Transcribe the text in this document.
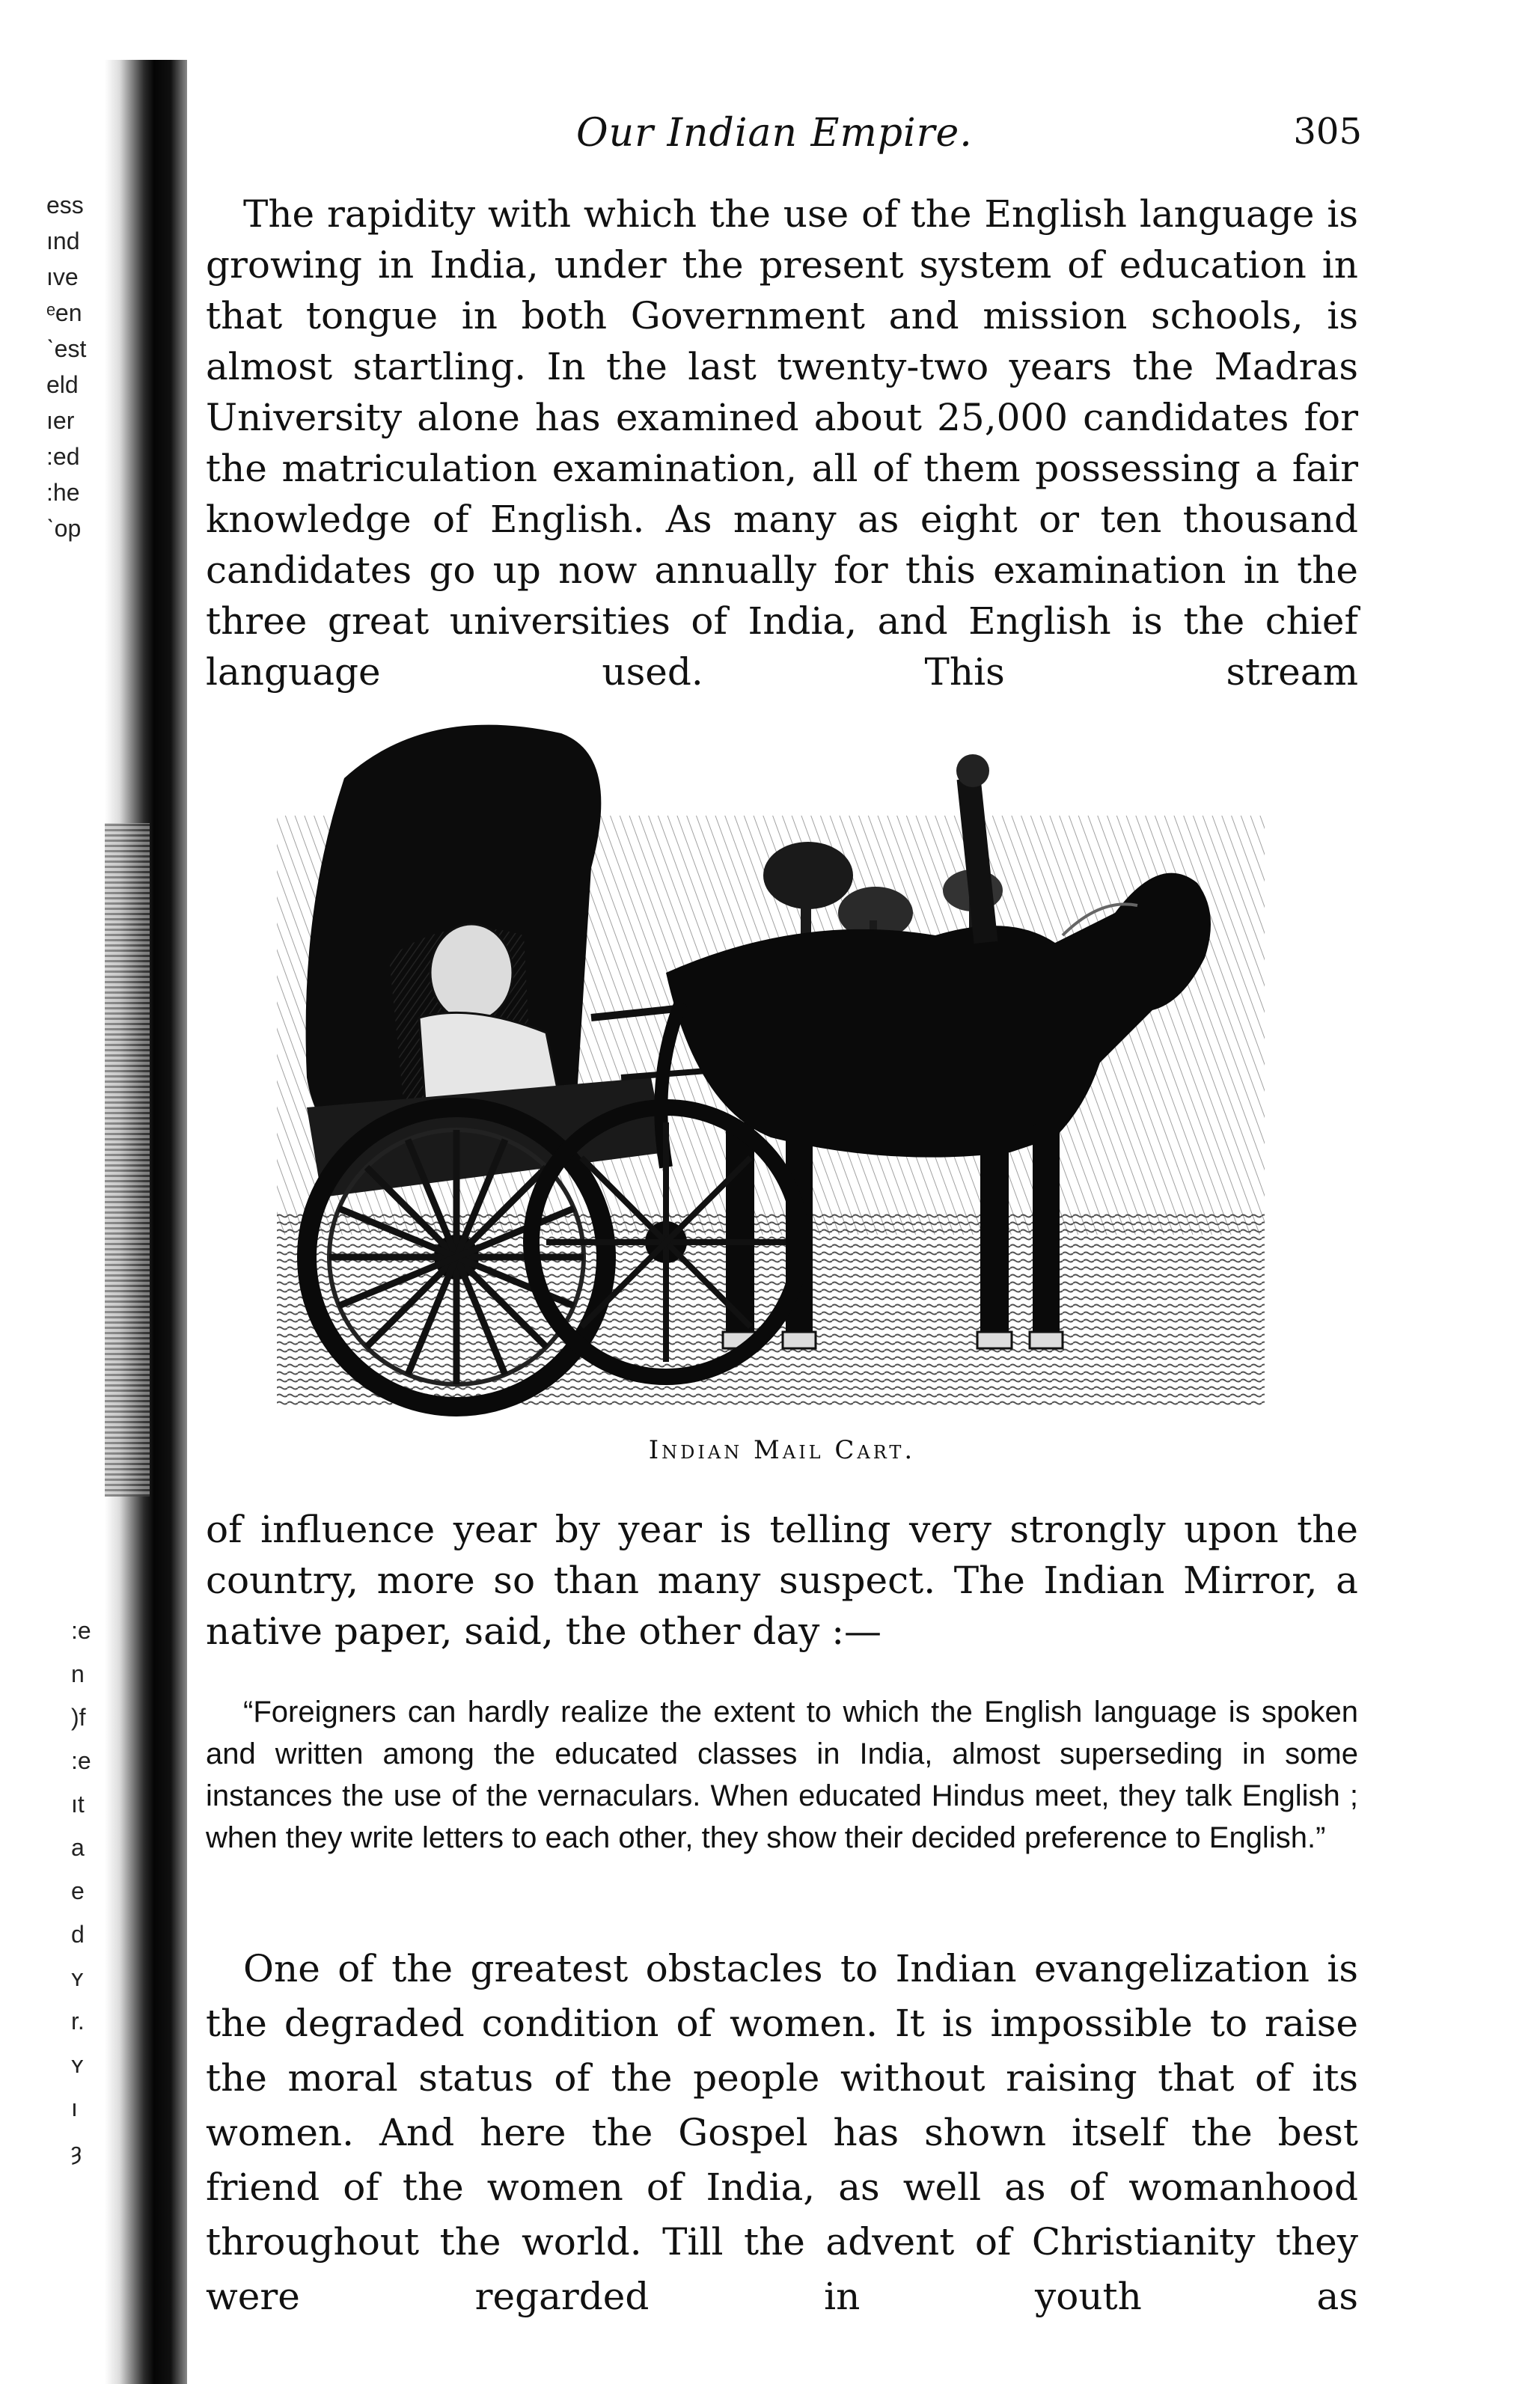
ess
ınd
ıve
ᵉen
ˋest
eld
ıer
:ed
:he
ˋop
:e
n
)f
:e
ıt
a
e
d
ʏ
r.
ʏ
ı
ȝ
Our Indian Empire.	305

The rapidity with which the use of the English language is growing in India, under the present system of education in that tongue in both Government and mission schools, is almost startling. In the last twenty-two years the Madras University alone has examined about 25,000 candidates for the matriculation examination, all of them possessing a fair knowledge of English. As many as eight or ten thousand candidates go up now annually for this examination in the three great universities of India, and English is the chief language used. This stream

Indian Mail Cart.

of influence year by year is telling very strongly upon the country, more so than many suspect. The Indian Mirror, a native paper, said, the other day :—

“Foreigners can hardly realize the extent to which the English language is spoken and written among the educated classes in India, almost superseding in some instances the use of the vernaculars. When educated Hindus meet, they talk English ; when they write letters to each other, they show their decided preference to English.”

One of the greatest obstacles to Indian evangelization is the degraded condition of women. It is impossible to raise the moral status of the people without raising that of its women. And here the Gospel has shown itself the best friend of the women of India, as well as of womanhood throughout the world. Till the advent of Christianity they were regarded in youth as
